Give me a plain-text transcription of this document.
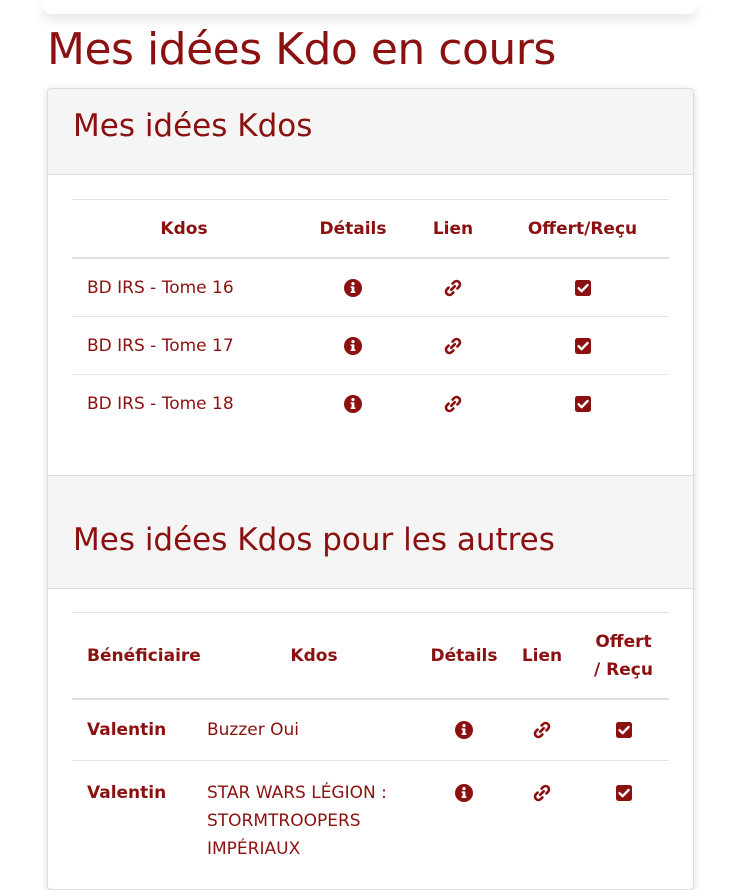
Mes idées Kdo en cours
Mes idées Kdos
Kdos	Détails	Lien	Offert/Reçu
BD IRS - Tome 16	

BD IRS - Tome 17	

BD IRS - Tome 18	

Mes idées Kdos pour les autres
Bénéficiaire	Kdos	Détails	Lien	Offert
/ Reçu
Valentin	Buzzer Oui	

Valentin	STAR WARS LÉGION : STORMTROOPERS IMPÉRIAUX	
